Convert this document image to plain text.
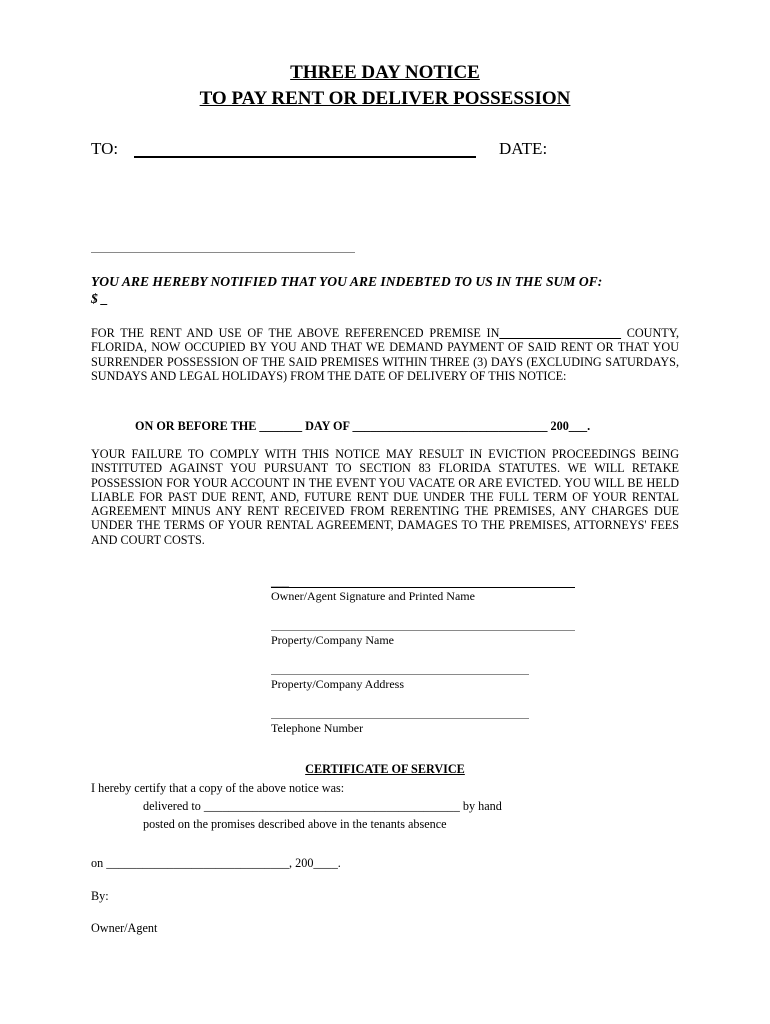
THREE DAY NOTICE
TO PAY RENT OR DELIVER POSSESSION
TO:	DATE:
YOU ARE HEREBY NOTIFIED THAT YOU ARE INDEBTED TO US IN THE SUM OF:
$ _
FOR THE RENT AND USE OF THE ABOVE REFERENCED PREMISE IN________ ___________ COUNTY, FLORIDA, NOW OCCUPIED BY YOU AND THAT WE DEMAND PAYMENT OF SAID RENT OR THAT YOU SURRENDER POSSESSION OF THE SAID PREMISES WITHIN THREE (3) DAYS (EXCLUDING SATURDAYS, SUNDAYS AND LEGAL HOLIDAYS) FROM THE DATE OF DELIVERY OF THIS NOTICE:
ON OR BEFORE THE _______ DAY OF ________________________________ 200___.
YOUR FAILURE TO COMPLY WITH THIS NOTICE MAY RESULT IN EVICTION PROCEEDINGS BEING INSTITUTED AGAINST YOU PURSUANT TO SECTION 83 FLORIDA STATUTES. WE WILL RETAKE POSSESSION FOR YOUR ACCOUNT IN THE EVENT YOU VACATE OR ARE EVICTED. YOU WILL BE HELD LIABLE FOR PAST DUE RENT, AND, FUTURE RENT DUE UNDER THE FULL TERM OF YOUR RENTAL AGREEMENT MINUS ANY RENT RECEIVED FROM RERENTING THE PREMISES, ANY CHARGES DUE UNDER THE TERMS OF YOUR RENTAL AGREEMENT, DAMAGES TO THE PREMISES, ATTORNEYS' FEES AND COURT COSTS.
___
Owner/Agent Signature and Printed Name
Property/Company Name
Property/Company Address
Telephone Number
CERTIFICATE OF SERVICE
I hereby certify that a copy of the above notice was:
delivered to __________________________________________ by hand
posted on the promises described above in the tenants absence
on ______________________________, 200____.
By:
Owner/Agent
